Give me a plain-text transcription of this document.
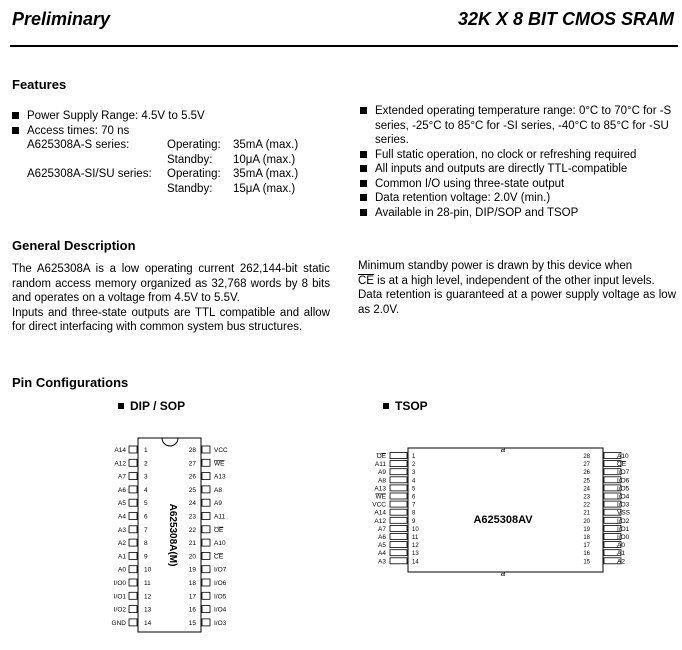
Preliminary	32K X 8 BIT CMOS SRAM
Features
Power Supply Range: 4.5V to 5.5V
Access times: 70 ns
A625308A-S series:	Operating:	35mA (max.)
Standby:	10μA (max.)
A625308A-SI/SU series:	Operating:	35mA (max.)
Standby:	15μA (max.)
Extended operating temperature range: 0°C to 70°C for -S series, -25°C to 85°C for -SI series, -40°C to 85°C for -SU series.
Full static operation, no clock or refreshing required
All inputs and outputs are directly TTL-compatible
Common I/O using three-state output
Data retention voltage: 2.0V (min.)
Available in 28-pin, DIP/SOP and TSOP
General Description
The A625308A is a low operating current 262,144-bit static random access memory organized as 32,768 words by 8 bits and operates on a voltage from 4.5V to 5.5V.
Inputs and three-state outputs are TTL compatible and allow for direct interfacing with common system bus structures.
Minimum standby power is drawn by this device when
$\overline{CE}$ is at a high level, independent of the other input levels.
Data retention is guaranteed at a power supply voltage as low as 2.0V.
Pin Configurations
DIP / SOP	TSOP
A625308A(M)
A14	1
A12	2
A7	3
A6	4
A5	5
A4	6
A3	7
A2	8
A1	9
A0	10
I/O0	11
I/O1	12
I/O2	13
GND	14
VCC
28
WE
27
A13
26
A8
25
A9
24
A11
23
OE
22
A10
21
CE
20
I/O7
19
I/O6
18
I/O5
17
I/O4
16
I/O3
15
a
a
A625308AV
OE	1
A11	2
A9	3
A8	4
A13	5
WE	6
VCC	7
A14	8
A12	9
A7	10
A6	11
A5	12
A4	13
A3	14
A10
28
CE
27
I/O7
26
I/O6
25
I/O5
24
I/O4
23
I/O3
22
VSS
21
I/O2
20
I/O1
19
I/O0
18
A0
17
A1
16
A2
15
